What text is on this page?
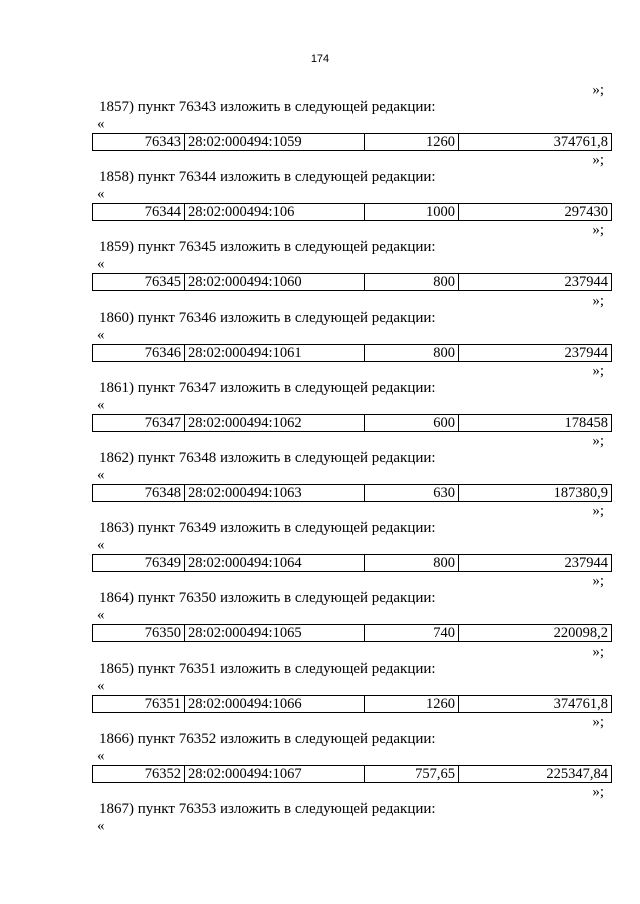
174
»;
1857) пункт 76343 изложить в следующей редакции:
«
76343	28:02:000494:1059	1260	374761,8
»;
1858) пункт 76344 изложить в следующей редакции:
«
76344	28:02:000494:106	1000	297430
»;
1859) пункт 76345 изложить в следующей редакции:
«
76345	28:02:000494:1060	800	237944
»;
1860) пункт 76346 изложить в следующей редакции:
«
76346	28:02:000494:1061	800	237944
»;
1861) пункт 76347 изложить в следующей редакции:
«
76347	28:02:000494:1062	600	178458
»;
1862) пункт 76348 изложить в следующей редакции:
«
76348	28:02:000494:1063	630	187380,9
»;
1863) пункт 76349 изложить в следующей редакции:
«
76349	28:02:000494:1064	800	237944
»;
1864) пункт 76350 изложить в следующей редакции:
«
76350	28:02:000494:1065	740	220098,2
»;
1865) пункт 76351 изложить в следующей редакции:
«
76351	28:02:000494:1066	1260	374761,8
»;
1866) пункт 76352 изложить в следующей редакции:
«
76352	28:02:000494:1067	757,65	225347,84
»;
1867) пункт 76353 изложить в следующей редакции:
«
